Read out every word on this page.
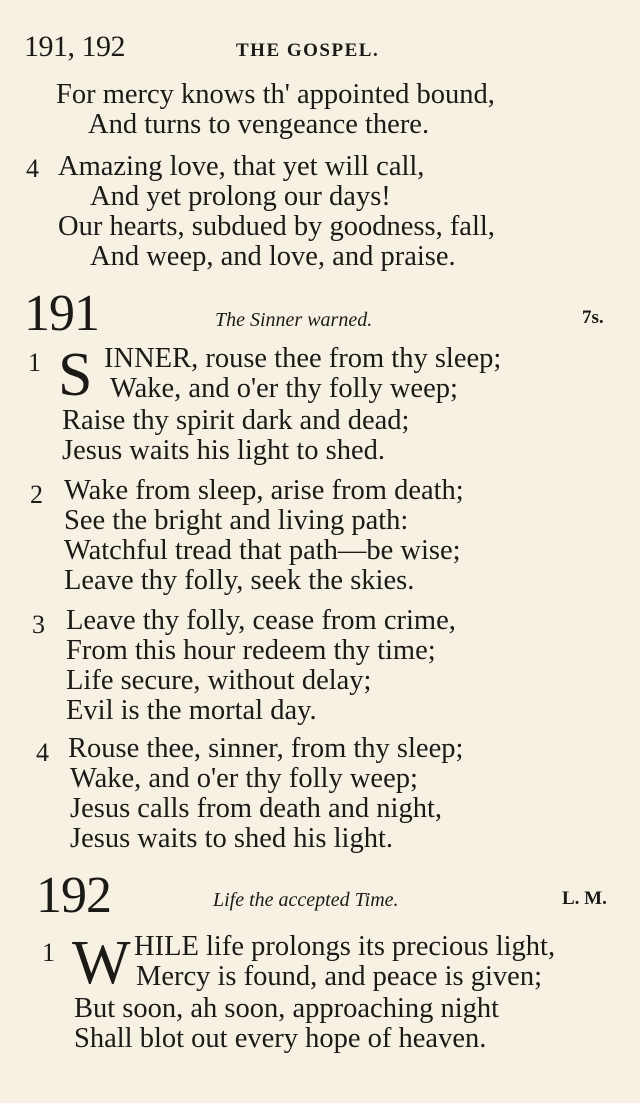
191, 192	THE GOSPEL.
For mercy knows th' appointed bound,
And turns to vengeance there.
4 Amazing love, that yet will call,
And yet prolong our days!
Our hearts, subdued by goodness, fall,
And weep, and love, and praise.
191	The Sinner warned.	7s.
1 S INNER, rouse thee from thy sleep;
Wake, and o'er thy folly weep;
Raise thy spirit dark and dead;
Jesus waits his light to shed.
2 Wake from sleep, arise from death;
See the bright and living path:
Watchful tread that path—be wise;
Leave thy folly, seek the skies.
3 Leave thy folly, cease from crime,
From this hour redeem thy time;
Life secure, without delay;
Evil is the mortal day.
4 Rouse thee, sinner, from thy sleep;
Wake, and o'er thy folly weep;
Jesus calls from death and night,
Jesus waits to shed his light.
192	Life the accepted Time.	L. M.
1 W HILE life prolongs its precious light,
Mercy is found, and peace is given;
But soon, ah soon, approaching night
Shall blot out every hope of heaven.
